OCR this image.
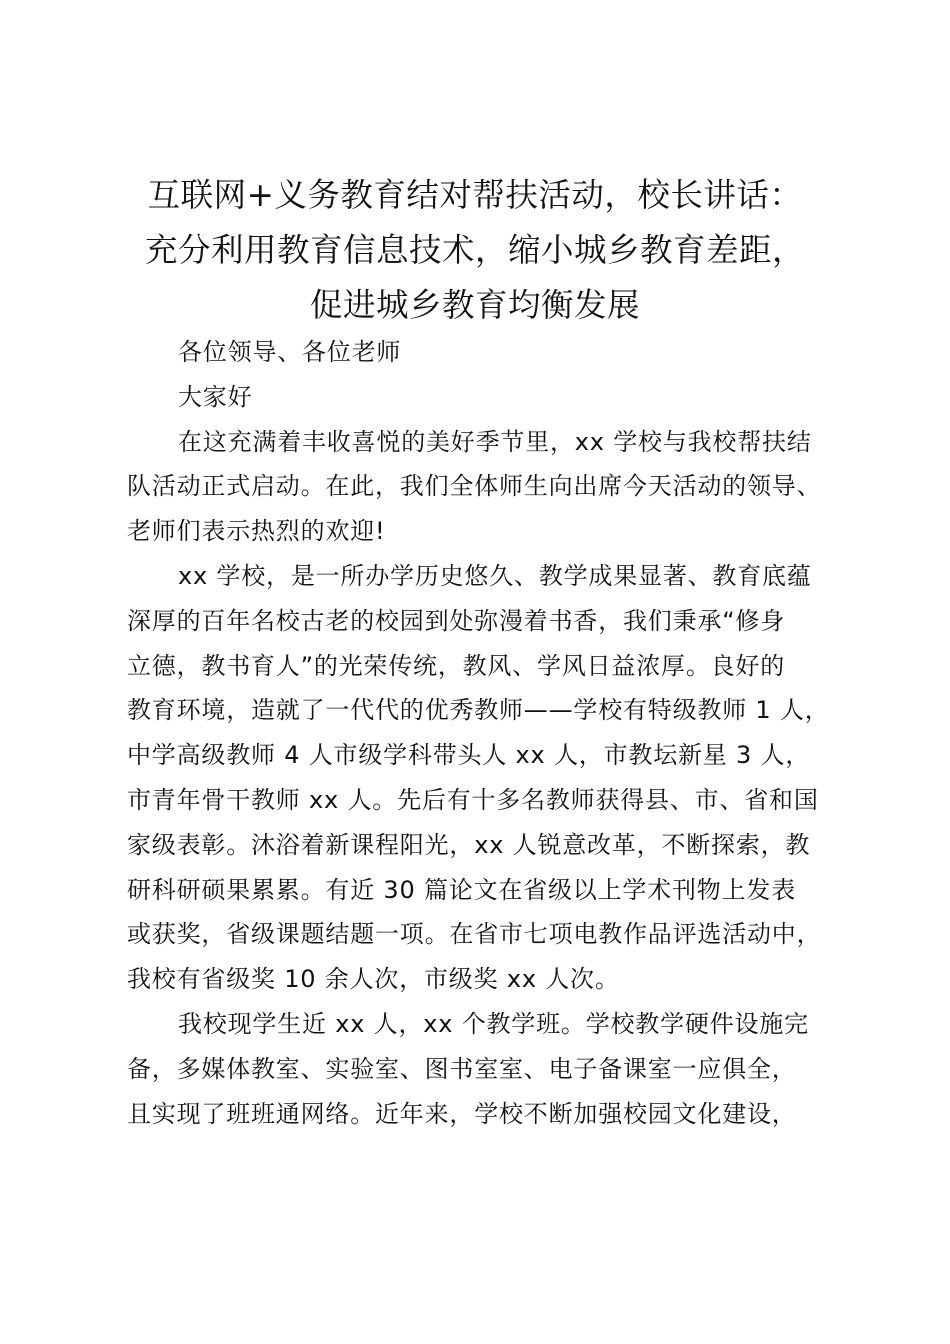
互联网+义务教育结对帮扶活动，校长讲话：
充分利用教育信息技术，缩小城乡教育差距，
促进城乡教育均衡发展
各位领导、各位老师
大家好
在这充满着丰收喜悦的美好季节里，xx 学校与我校帮扶结
队活动正式启动。在此，我们全体师生向出席今天活动的领导、
老师们表示热烈的欢迎!
xx 学校，是一所办学历史悠久、教学成果显著、教育底蕴
深厚的百年名校古老的校园到处弥漫着书香，我们秉承“修身
立德，教书育人”的光荣传统，教风、学风日益浓厚。良好的
教育环境，造就了一代代的优秀教师——学校有特级教师 1 人，
中学高级教师 4 人市级学科带头人 xx 人，市教坛新星 3 人，
市青年骨干教师 xx 人。先后有十多名教师获得县、市、省和国
家级表彰。沐浴着新课程阳光，xx 人锐意改革，不断探索，教
研科研硕果累累。有近 30 篇论文在省级以上学术刊物上发表
或获奖，省级课题结题一项。在省市七项电教作品评选活动中，
我校有省级奖 10 余人次，市级奖 xx 人次。
我校现学生近 xx 人，xx 个教学班。学校教学硬件设施完
备，多媒体教室、实验室、图书室室、电子备课室一应俱全，
且实现了班班通网络。近年来，学校不断加强校园文化建设，
